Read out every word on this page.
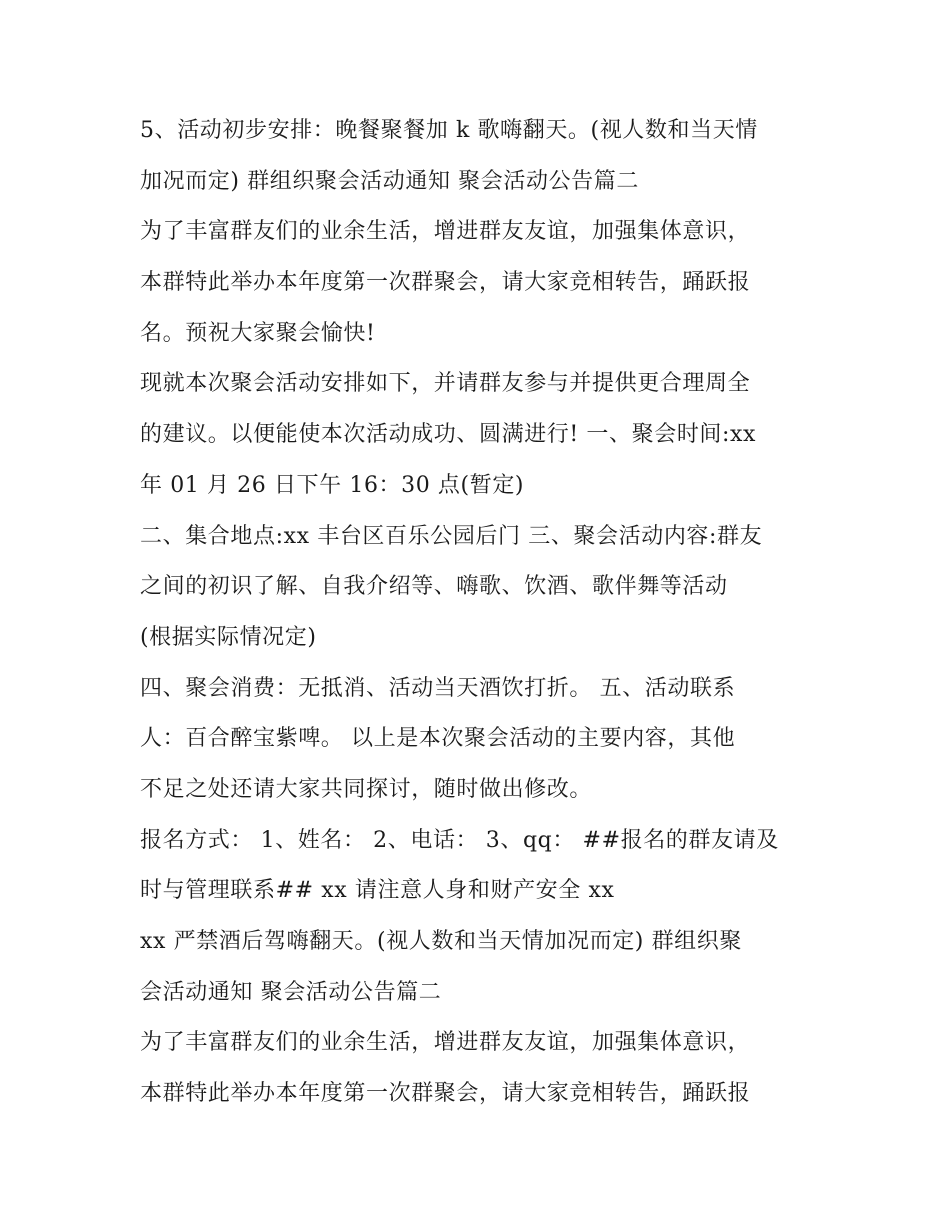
5、活动初步安排：晚餐聚餐加 k 歌嗨翻天。(视人数和当天情
加况而定) 群组织聚会活动通知 聚会活动公告篇二
为了丰富群友们的业余生活，增进群友友谊，加强集体意识，
本群特此举办本年度第一次群聚会，请大家竞相转告，踊跃报
名。预祝大家聚会愉快!
现就本次聚会活动安排如下，并请群友参与并提供更合理周全
的建议。以便能使本次活动成功、圆满进行! 一、聚会时间:xx
年 01 月 26 日下午 16：30 点(暂定)
二、集合地点:xx 丰台区百乐公园后门 三、聚会活动内容:群友
之间的初识了解、自我介绍等、嗨歌、饮酒、歌伴舞等活动
(根据实际情况定)
四、聚会消费：无抵消、活动当天酒饮打折。 五、活动联系
人：百合醉宝紫啤。 以上是本次聚会活动的主要内容，其他
不足之处还请大家共同探讨，随时做出修改。
报名方式： 1、姓名： 2、电话： 3、qq： ##报名的群友请及
时与管理联系## xx 请注意人身和财产安全 xx
xx 严禁酒后驾嗨翻天。(视人数和当天情加况而定) 群组织聚
会活动通知 聚会活动公告篇二
为了丰富群友们的业余生活，增进群友友谊，加强集体意识，
本群特此举办本年度第一次群聚会，请大家竞相转告，踊跃报
